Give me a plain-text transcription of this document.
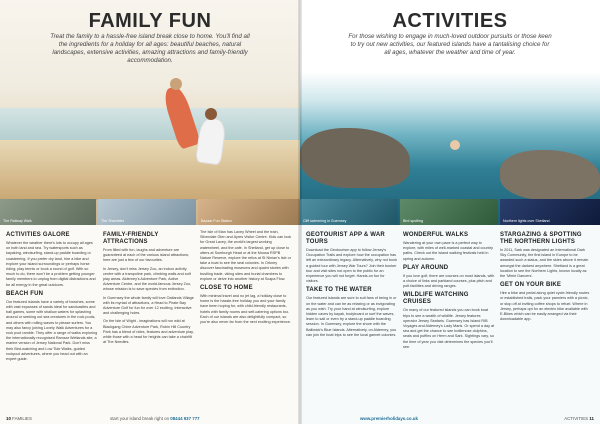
FAMILY FUN

Treat the family to a hassle-free island break close to home. You'll find all the ingredients for a holiday for all ages: beautiful beaches, natural landscapes, extensive activities, amazing attractions and family-friendly accommodation.

The Railway Walk	The Shambles	Bazaar Fun Station
ACTIVITIES GALORE

Whatever the weather there's lots to occupy all ages on both land and sea. Try watersports such as kayaking, windsurfing, stand-up paddle boarding or coasteering. If you prefer dry land, hire a bike and explore your island surroundings or perhaps horse riding; play tennis or book a round of golf. With so much to do, there won't be a problem getting younger family members to unplug from digital distractions and be all energy in the great outdoors.

BEACH FUN

Our featured islands have a variety of beaches, some with vast expanses of sands ideal for sandcastles and ball games, some with shallow waters for splashing around or seeking out sea creatures in the rock pools, and others with rolling waves to please surfers. You may also fancy joining Lovely Walk Adventures for a rock pool ramble. They offer a range of walks exploring the internationally recognised Ramsar Wetlands site, a marine version of Jersey National Park. Don't miss their Bird-watching and Low Tide Walks, guided rockpool adventures, where you head out with an expert guide.

FAMILY-FRIENDLY ATTRACTIONS

From filled with fun, laughs and adventure are guaranteed at each of the various island attractions; here are just a few of our favourites.

In Jersey, don't miss Jersey Zoo, an indoor activity centre with a trampoline park, climbing walls and soft play areas. Alderney's Adventure Park, Active Adventure Centre, and the world-famous Jersey Zoo, whose mission is to save species from extinction.

In Guernsey the whole family will love Oatlands Village with its myriad of attractions, a Head to Pirate Bay Adventure Golf for fun for over 12 exciting, interactive and challenging holes.

On the Isle of Wight - imaginations will run wild at Blackgang Chine Adventure Park, Robin Hill Country Park has a blend of rides, features and adventure play, while those with a head for heights can take a chairlift at The Needles.

The Isle of Man has Laxey Wheel and the train, Silverdale Glen and Ayres Visitor Centre. Kids can look for Great Laxey, the world's largest working waterwheel, and the cafe. In Shetland, get up close to otters at Sumburgh Head or at the Mousa RSPB Nature Reserve, explore the relics at St Ninian's Isle or take a boat to see the seal colonies. In Orkney discover fascinating museums and quaint stories with bustling trade, viking sites and burial chambers to explore or delve into another history at Scapa Flow.

CLOSE TO HOME

With minimal travel and no jet lag, a holiday close to home is the hassle-free holiday you and your family have been hoping for, with child-friendly restaurants, hotels with family rooms and self-catering options too. Each of our islands are also delightfully compact, so you're also never far from the next exciting experience.

10 FAMILIES	start your island break right on 08444 937 777
ACTIVITIES

For those wishing to engage in much-loved outdoor pursuits or those keen to try out new activities, our featured islands have a tantalising choice for all ages, whatever the weather and time of year.

Cliff swimming in Guernsey	Bird spotting	Northern lights over Shetland
GEOTOURIST APP & WAR TOURS

Download the Geotourism app to follow Jersey's Occupation Trails and explore how the occupation has left an extraordinary legacy. Alternatively, why not book a guided tour with Jersey War Tours? Join their bunker tour and visit sites not open to the public for an experience you will not forget. Hands-on fun for visitors.

TAKE TO THE WATER

Our featured islands are sure to suit fans of being in or on the water and can be as relaxing or as invigorating as you wish. Try your hand at windsurfing, explore hidden caves by kayak, bodyboard or surf the waves, learn to sail or even try a stand-up paddle boarding session. In Guernsey, explore the shore with the Bailiwick's Blue Islands. Alternatively, on Alderney, you can join the boat trips to see the local gannet colonies.

WONDERFUL WALKS

Wandering at your own pace is a perfect way to explore, with miles of well-marked coastal and country paths. Check out the island walking festivals held in spring and autumn.

PLAY AROUND

If you love golf, there are courses on most islands, with a choice of links and parkland courses, plus pitch and putt facilities and driving ranges.

WILDLIFE WATCHING CRUISES

On many of our featured islands you can book boat trips to see a wealth of wildlife. Jersey features operator Jersey Seafaris. Guernsey has Island RIB Voyages and Alderney's Lady Maris. Or spend a day at sea and get the chance to see bottlenose dolphins, seals and puffins on Herm and Sark. Sightings vary, so the time of year you visit determines the species you'll see.

STARGAZING & SPOTTING THE NORTHERN LIGHTS

In 2011, Sark was designated an International Dark Sky Community, the first island in Europe to be awarded such a status, and the skies above it remain amongst the darkest anywhere. Shetland is a great location to see the Northern Lights, known locally as the 'Mirrie Dancers'.

GET ON YOUR BIKE

Hire a bike and pedal along quiet cycle-friendly routes or established trails, pack your panniers with a picnic, or stop off at inviting coffee shops to refuel. Where in Jersey, perhaps opt for an electric bike available with E-Bikes which can be easily arranged via their downloadable app.

www.premierholidays.co.uk	ACTIVITIES 11
